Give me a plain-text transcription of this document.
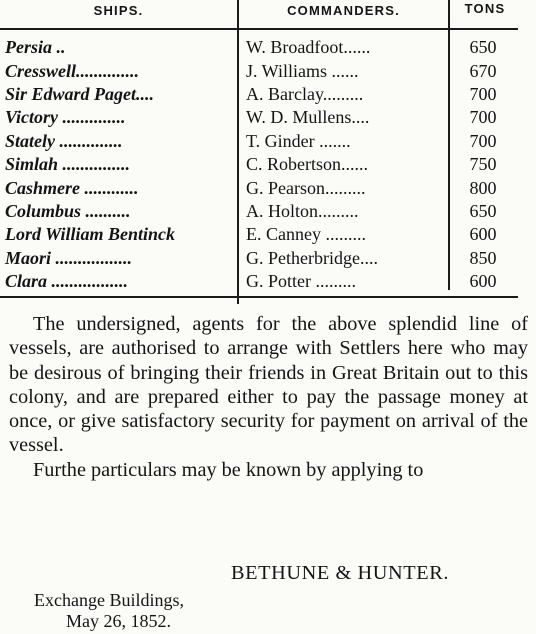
SHIPS.	COMMANDERS.	TONS
Persia ..	W. Broadfoot......	650
Cresswell..............	J. Williams ......	670
Sir Edward Paget....	A. Barclay.........	700
Victory ..............	W. D. Mullens....	700
Stately ..............	T. Ginder .......	700
Simlah ...............	C. Robertson......	750
Cashmere ............	G. Pearson.........	800
Columbus ..........	A. Holton.........	650
Lord William Bentinck	E. Canney .........	600
Maori .................	G. Petherbridge....	850
Clara .................	G. Potter .........	600

The undersigned, agents for the above splendid line of vessels, are authorised to arrange with Settlers here who may be desirous of bringing their friends in Great Britain out to this colony, and are prepared either to pay the passage money at once, or give satisfactory security for payment on arrival of the vessel.

Furthe particulars may be known by applying to

BETHUNE & HUNTER.
Exchange Buildings,
May 26, 1852.
